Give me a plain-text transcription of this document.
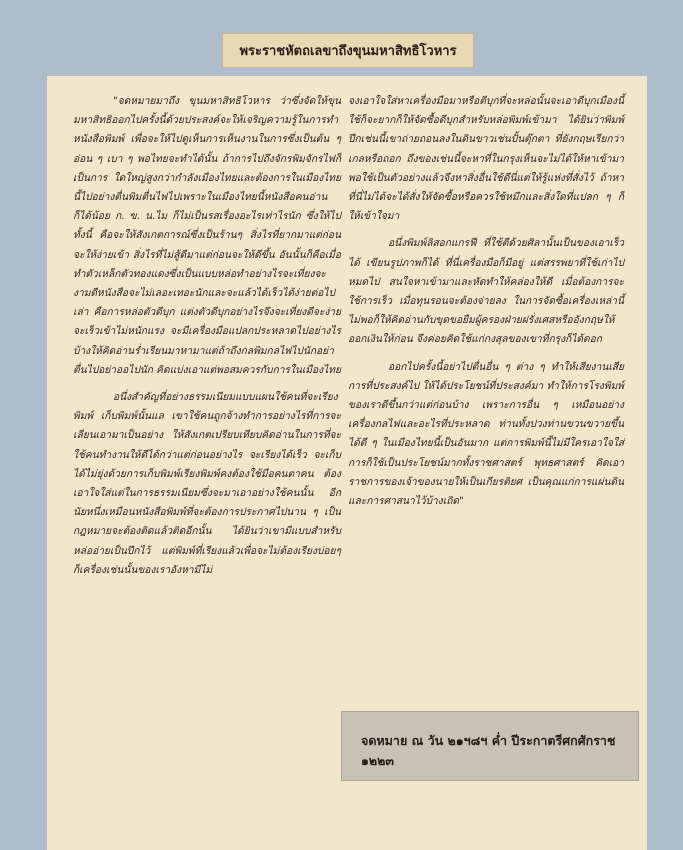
พระราชหัตถเลขาถึงขุนมหาสิทธิโวหาร

"จดหมายมาถึง ขุนมหาสิทธิโวหาร ว่าซึ่งจัดให้ขุนมหาสิทธิออกไปครั้งนี้ด้วยประสงค์จะให้เจริญความรู้ในการทำหนังสือพิมพ์ เพื่อจะให้ไปดูเห็นการเห็นงานในการซึ่งเป็นต้น ๆ อ่อน ๆ เบา ๆ พอไทยจะทำได้นั้น ถ้าการไปถึงจักรพิมจักรไฟก็เป็นการ ใดใหญ่สูงกว่ากำลังเมืองไทยและต้องการในเมืองไทยนี้ไปอย่างตื่นพิมตื่นไฟไปเพราะในเมืองไทยนี้หนังสือคนอ่านก็ได้น้อย ก. ข. น.ไม ก็ไม่เป็นรสเรื่องอะไรเท่าไรนัก ซึ่งให้ไปทั้งนี้ คือจะให้สังเกตการณ์ซึ่งเป็นร้านๆ สิ่งไรที่ยากมาแต่ก่อนจะให้ง่ายเข้า สิ่งไรที่ไม่สู้ดีมาแต่ก่อนจะให้ดีขึ้น อันนั้นก็คือเมื่อทำตัวเหล็กตัวทองแดงซึ่งเป็นแบบหล่อทำอย่างไรจะเที่ยงจะงามดีหนังสือจะไม่เลอะเทอะนักและจะแล้วได้เร็วได้ง่ายต่อไปเล่า คือการหล่อตัวดีบุก แต่งตัวดีบุกอย่างไรจึงจะเที่ยงดีจะง่ายจะเร็วเข้าไม่หนักแรง จะมีเครื่องมือแปลกประหลาดไปอย่างไรบ้างให้คิดอ่านร่ำเรียนมาหามาแต่ถ้าถึงกลพิมกลไฟไปนักอย่าตื่นไปอย่าออไปนัก คิดแบ่งเอาแต่พอสมควรกับการในเมืองไทย

อนึ่งสำคัญที่อย่างธรรมเนียมแบบแผนใช้คนที่จะเรียงพิมพ์ เก็บพิมพ์นั้นแล เขาใช้คนถูกจ้างทำการอย่างไรที่การจะเลียนเอามาเป็นอย่าง ให้สังเกตเปรียบเทียบคิดอ่านในการที่จะใช้คนทำงานให้ดีได้กว่าแต่ก่อนอย่างไร จะเรียงได้เร็ว จะเก็บได้ไม่ยุ่งด้วยการเก็บพิมพ์เรียงพิมพ์คงต้องใช้มือคนตาคน ต้องเอาใจใส่แต่ในการธรรมเนียมซึ่งจะมาเอาอย่างใช้คนนั้น อีกนัยหนึ่งเหมือนหนังสือพิมพ์ที่จะต้องการประกาศไปนาน ๆ เป็นกฎหมายจะต้องติดแล้วติดอีกนั้น ได้ยินว่าเขามีแบบสำหรับหล่ออ่ายเป็นปึกไว้ แต่พิมพ์ที่เรียงแล้วเพื่อจะไม่ต้องเรียงบ่อยๆ ก็เครื่องเช่นนั้นของเราอังหามีไม่

จงเอาใจใส่หาเครื่องมือมาหรือตีบุกที่จะหล่อนั้นจะเอาดีบุกเมืองนี้ใช้ก็จะยากก็ให้จัดซื้อดีบุกสำหรับหล่อพิมพ์เข้ามา ได้ยินว่าพิมพ์ปึกเช่นนี้เขาถ่ายถอนลงในดินขาวเช่นปั้นตุ๊กตา ที่ยังกฤษเรียกว่าเกลหรือถอก ถึงของเช่นนี้จะหาที่ในกรุงเห็นจะไม่ได้ให้หาเข้ามาพอใช้เป็นตัวอย่างแล้วจึงหาสิ่งอื่นใช้ดีนี่แต่ให้รู้แห่งที่สั่งไว้ ถ้าหาที่นี่ไม่ได้จะได้สั่งให้จัดซื้อหรือควรใช้หมึกและสิ่งใดที่แปลก ๆ ก็ให้เข้าใจมา

อนึ่งพิมพ์ลิสอกแกรฟี ที่ใช้ตีด้วยศิลานั้นเป็นของเอาเร็วได้ เขียนรูปภาพก็ได้ ที่นี่เครื่องมือก็มีอยู่ แต่สรรพยาที่ใช้เก่าไปหมดไป สนใจหาเข้ามาและหัดทำให้คล่องให้ดี เมื่อต้องการจะใช้การเร็ว เมื่อทุนรอนจะต้องจ่ายลง ในการจัดซื้อเครื่องเหล่านี้ไม่พอก็ให้คิดอ่านกับขุดขอยืมผู้ครองฝ่ายฝรั่งเศสหรืออังกฤษให้ออกเงินให้ก่อน จึงค่อยคิดใช้แก่กงสุลของเขาที่กรุงก็ได้ดอก

ออกไปครั้งนี้อย่าไปตื่นอื่น ๆ ต่าง ๆ ทำให้เสียงานเสียการที่ประสงค์ไป ให้ได้ประโยชน์ที่ประสงค์มา ทำให้การโรงพิมพ์ของเราดีขึ้นกว่าแต่ก่อนบ้าง เพราะการอื่น ๆ เหมือนอย่างเครื่องกลไฟและอะไรที่ประหลาด ท่านทั้งปวงท่านขวนขวายขึ้นได้ดี ๆ ในเมืองไทยนี้เป็นอันมาก แต่การพิมพ์นี้ไม่มีใครเอาใจใส่ การก็ใช้เป็นประโยชน์มากทั้งราชศาสตร์ พุทธศาสตร์ คิดเอาราชการของเจ้าของนายให้เป็นเกียรติยศ เป็นคุณแก่การแผ่นดินและการศาสนาไว้บ้างเถิด"

จดหมาย ณ วัน ๒๑ฯ๘ฯ ค่ำ ปีระกาตรีศกศักราช ๑๒๒๓
